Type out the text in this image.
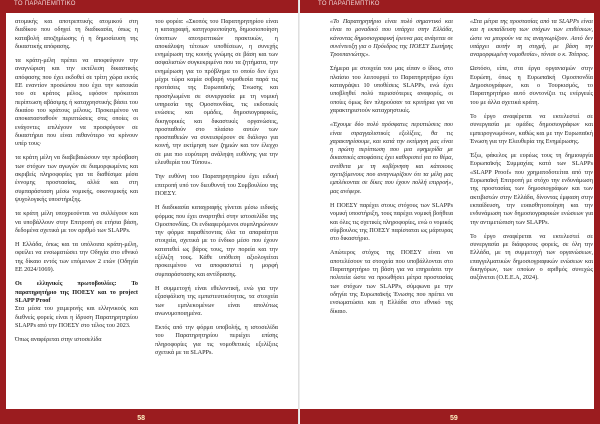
ΤΟ ΠΑΡΑΠΕΜΠΤΙΚΟ

ατομικής και αποτρεπτικής ατομικού στη διαδίκου που οδηγεί τη διαδικασία, όπως η καταβολή αποζημίωσης ή η δημοσίευση της δικαστικής απόφασης.

τα κράτη-μέλη πρέπει να αποφεύγουν την αναγνώριση και την εκτέλεση δικαστικής απόφασης που έχει εκδοθεί σε τρίτη χώρα εκτός ΕΕ εναντίον προσώπου που έχει την κατοικία του σε κράτος μέλος, εφόσον πρόκειται περίπτωση αβάσιμης ή καταχρηστικής βάσει του δικαίου του κράτους μέλους. Προκειμένου να αποκατασταθούν περιπτώσεις στις οποίες οι ενάγοντες επιλέγουν να προσφύγουν σε δικαστήρια που είναι πιθανότερο να κρίνουν υπέρ τους·

τα κράτη μέλη να διαβεβαιώσουν την πρόσβαση των στόχων των αγωγών σε διαμορφωμένες και ακριβείς πληροφορίες για τα διαθέσιμα μέσα έννομης προστασίας, αλλά και στη συμπαράσταση μέσω νομικής, οικονομικής και ψυχολογικής υποστήριξης.

τα κράτη μέλη υποχρεούνται να συλλέγουν και να υποβάλλουν στην Επιτροπή σε ετήσια βάση, δεδομένα σχετικά με τον αριθμό των SLAPPs.

Η Ελλάδα, όπως και τα υπόλοιπα κράτη-μέλη, οφείλει να ενσωματώσει την Οδηγία στο εθνικό της δίκαιο εντός των επόμενων 2 ετών (Οδηγία ΕΕ 2024/1069).

Οι ελληνικές πρωτοβουλίες: Το παρατηρητήριο της ΠΟΕΣΥ και το project SLAPP Proof

Στα μέσα του χειμερινής και ελληνικούς και διεθνείς φορείς είναι η ίδρυση Παρατηρητηρίου SLAPPs από την ΠΟΕΣΥ στο τέλος του 2023.

Όπως αναφέρεται στην ιστοσελίδα

του φορέα: «Σκοπός του Παρατηρητηρίου είναι η καταγραφή, κατηγοριοποίηση, δημοσιοποίηση ύποπτων αποτρεπτικών πρακτικών, η αποκάλυψη τέτοιων υποθέσεων, η συνεχής ενημέρωση της κοινής γνώμης σε βάση και των ασφαλιστών συγκεκριμένα που τα ζητήματα, την ενημέρωση για το πρόβλημα το οποίο δεν έχει μέχρι τώρα καμία σοβαρή νομοθεσία παρά τις προτάσεις της Ευρωπαϊκής Ένωσης και προσηλωμένα σε συνεργασία με τη νομική υπηρεσία της Ομοσπονδίας, τις εκδοτικές ενώσεις και ομάδες, δημοσιογραφικές, δικηγορικές και δικαστικές οργανώσεις, προσπαθούν στο πλαίσιο αυτών των προσπαθειών να συνεισφέρουν σε διάλογο για κοινή, την εκτίμηση των ζημιών και τον έλεγχο σε μια πιο ευρύτερη ανάληψη ευθύνης για την ελευθερία του Τύπου».

Την ευθύνη του Παρατηρητηρίου έχει ειδική επιτροπή υπό τον διευθυντή του Συμβουλίου της ΠΟΕΣΥ.

Η διαδικασία καταγραφής γίνεται μέσω ειδικής φόρμας που έχει αναρτηθεί στην ιστοσελίδα της Ομοσπονδίας. Οι ενδιαφερόμενοι συμπληρώνουν την φόρμα παραθέτοντας όλα τα απαραίτητα στοιχεία, σχετικά με το ένδικο μέσο που έχουν κατατεθεί ως βάρος τους, την πορεία και την εξέλιξη τους. Κάθε υπόθεση αξιολογείται προκειμένου να αποφασιστεί η μορφή συμπαράστασης και αντίδρασης.

Η συμμετοχή είναι εθελοντική, ενώ για την εξασφάλιση της εμπιστευτικότητας, τα στοιχεία των εμπλεκομένων είναι απολύτως ανωνυμοποιημένα.

Εκτός από την φόρμα υποβολής, η ιστοσελίδα του Παρατηρητηρίου περιέχει επίσης πληροφορίες για τις νομοθετικές εξελίξεις σχετικά με τα SLAPPs.

58
ΤΟ ΠΑΡΑΠΕΜΠΤΙΚΟ

«Το Παρατηρητήριο είναι πολύ σημαντικό και είναι το μοναδικό που υπάρχει στην Ελλάδα, κάνοντας δημοσιογραφική έρευνα μας ανάγεται σε συνέντευξη για ο Πρόεδρος της ΠΟΕΣΥ Σωτήρης Τρουπανιώτης».

Σήμερα με στοιχεία του μας είπαν ο ίδιος, στο πλαίσιο του λειτουργεί το Παρατηρητήριο έχει καταγράψει 10 υποθέσεις SLAPPs, ενώ έχει υποβληθεί πολύ περισσότερες αναφορές, οι οποίες όμως δεν πληρούσαν τα κριτήρια για να χαρακτηριστούν καταχρηστικές.

«Έχουμε δύο πολύ πρόσφατες περιπτώσεις που είναι στραγγαλιστικές εξελίξεις, θα τις χαρακτηρίσουμε, και κατά την εκτίμηση μας είναι η πρώτη περίπτωση που μια εφημερίδα με δικαστικές αποφάσεις έχει καθοριστεί για το θέμα, αντίθετα με τη κυβέρνηση και κάποιους σχετιζόμενους που αναγνωρίζουν ότι τα μέλη μας εμπλέκονται σε δίκες που έχουν πολλή επιρροή», μας ανέφερε.

Η ΠΟΕΣΥ παρέχει στους στόχους των SLAPPs νομική υποστήριξη, τους παρέχει νομική βοήθεια και όλες τις σχετικές πληροφορίες, ενώ ο νομικός σύμβουλος της ΠΟΕΣΥ παρίσταται ως μάρτυρας στο δικαστήριο.

Απώτερος στόχος της ΠΟΕΣΥ είναι να αποτελέσουν τα στοιχεία που υποβάλλονται στο Παρατηρητήριο τη βάση για να επηρεάσει την πολιτεία ώστε να προωθήσει μέτρα προστασίας των στόχων των SLAPPs, σύμφωνα με την οδηγία της Ευρωπαϊκής Ένωσης που πρέπει να ενσωματώσει και η Ελλάδα στο εθνικό της δίκαιο.

«Στα μέτρα της προστασίας από τα SLAPPs είναι και η εκπαίδευση των στόχων των επιθέσεων, ώστε να μπορούν να τις αναγνωρίζουν. Αυτό δεν υπάρχει αυτήν τη στιγμή, με βάση την αναμορφωμένη νομοθεσία», τόνισε ο κ. Τσίπρος.

Ωστόσο, είπε, στα έργα οργανισμών στην Ευρώπη, όπως η Ευρωπαϊκή Ομοσπονδία Δημοσιογράφων, και ο Τουρκισμός, το Παρατηρητήριο αυτό συντονίζει τις ενέργειές του με άλλα σχετικά κράτη.

Το έργο αναφέρεται να εκτελεστεί σε συνεργασία με ομάδες δημοσιογράφων και εμπειρογνωμόνων, καθώς και με την Ευρωπαϊκή Ένωση για την Ελευθερία της Ενημέρωσης.

Έξω, φάκελος με ευρέως τους τη δημιουργία Ευρωπαϊκής Συμμαχίας κατά των SLAPPs «SLAPP Proof» που χρηματοδοτείται από την Ευρωπαϊκή Επιτροπή με στόχο την ενδυνάμωση της προστασίας των δημοσιογράφων και των ακτιβιστών στην Ελλάδα, δίνοντας έμφαση στην εκπαίδευση, την ευαισθητοποίηση και την ενδυνάμωση των δημοσιογραφικών ενώσεων για την αντιμετώπιση των SLAPPs.

Το έργο αναφέρεται να εκτελεστεί σε συνεργασία με διάφορους φορείς, σε όλη την Ελλάδα, με τη συμμετοχή των οργανώσεων, επαγγελματικών δημοσιογραφικών ενώσεων και δικηγόρων, των οποίων ο αριθμός συνεχώς αυξάνεται (Ο.Ε.Ε.Α, 2024).

59
